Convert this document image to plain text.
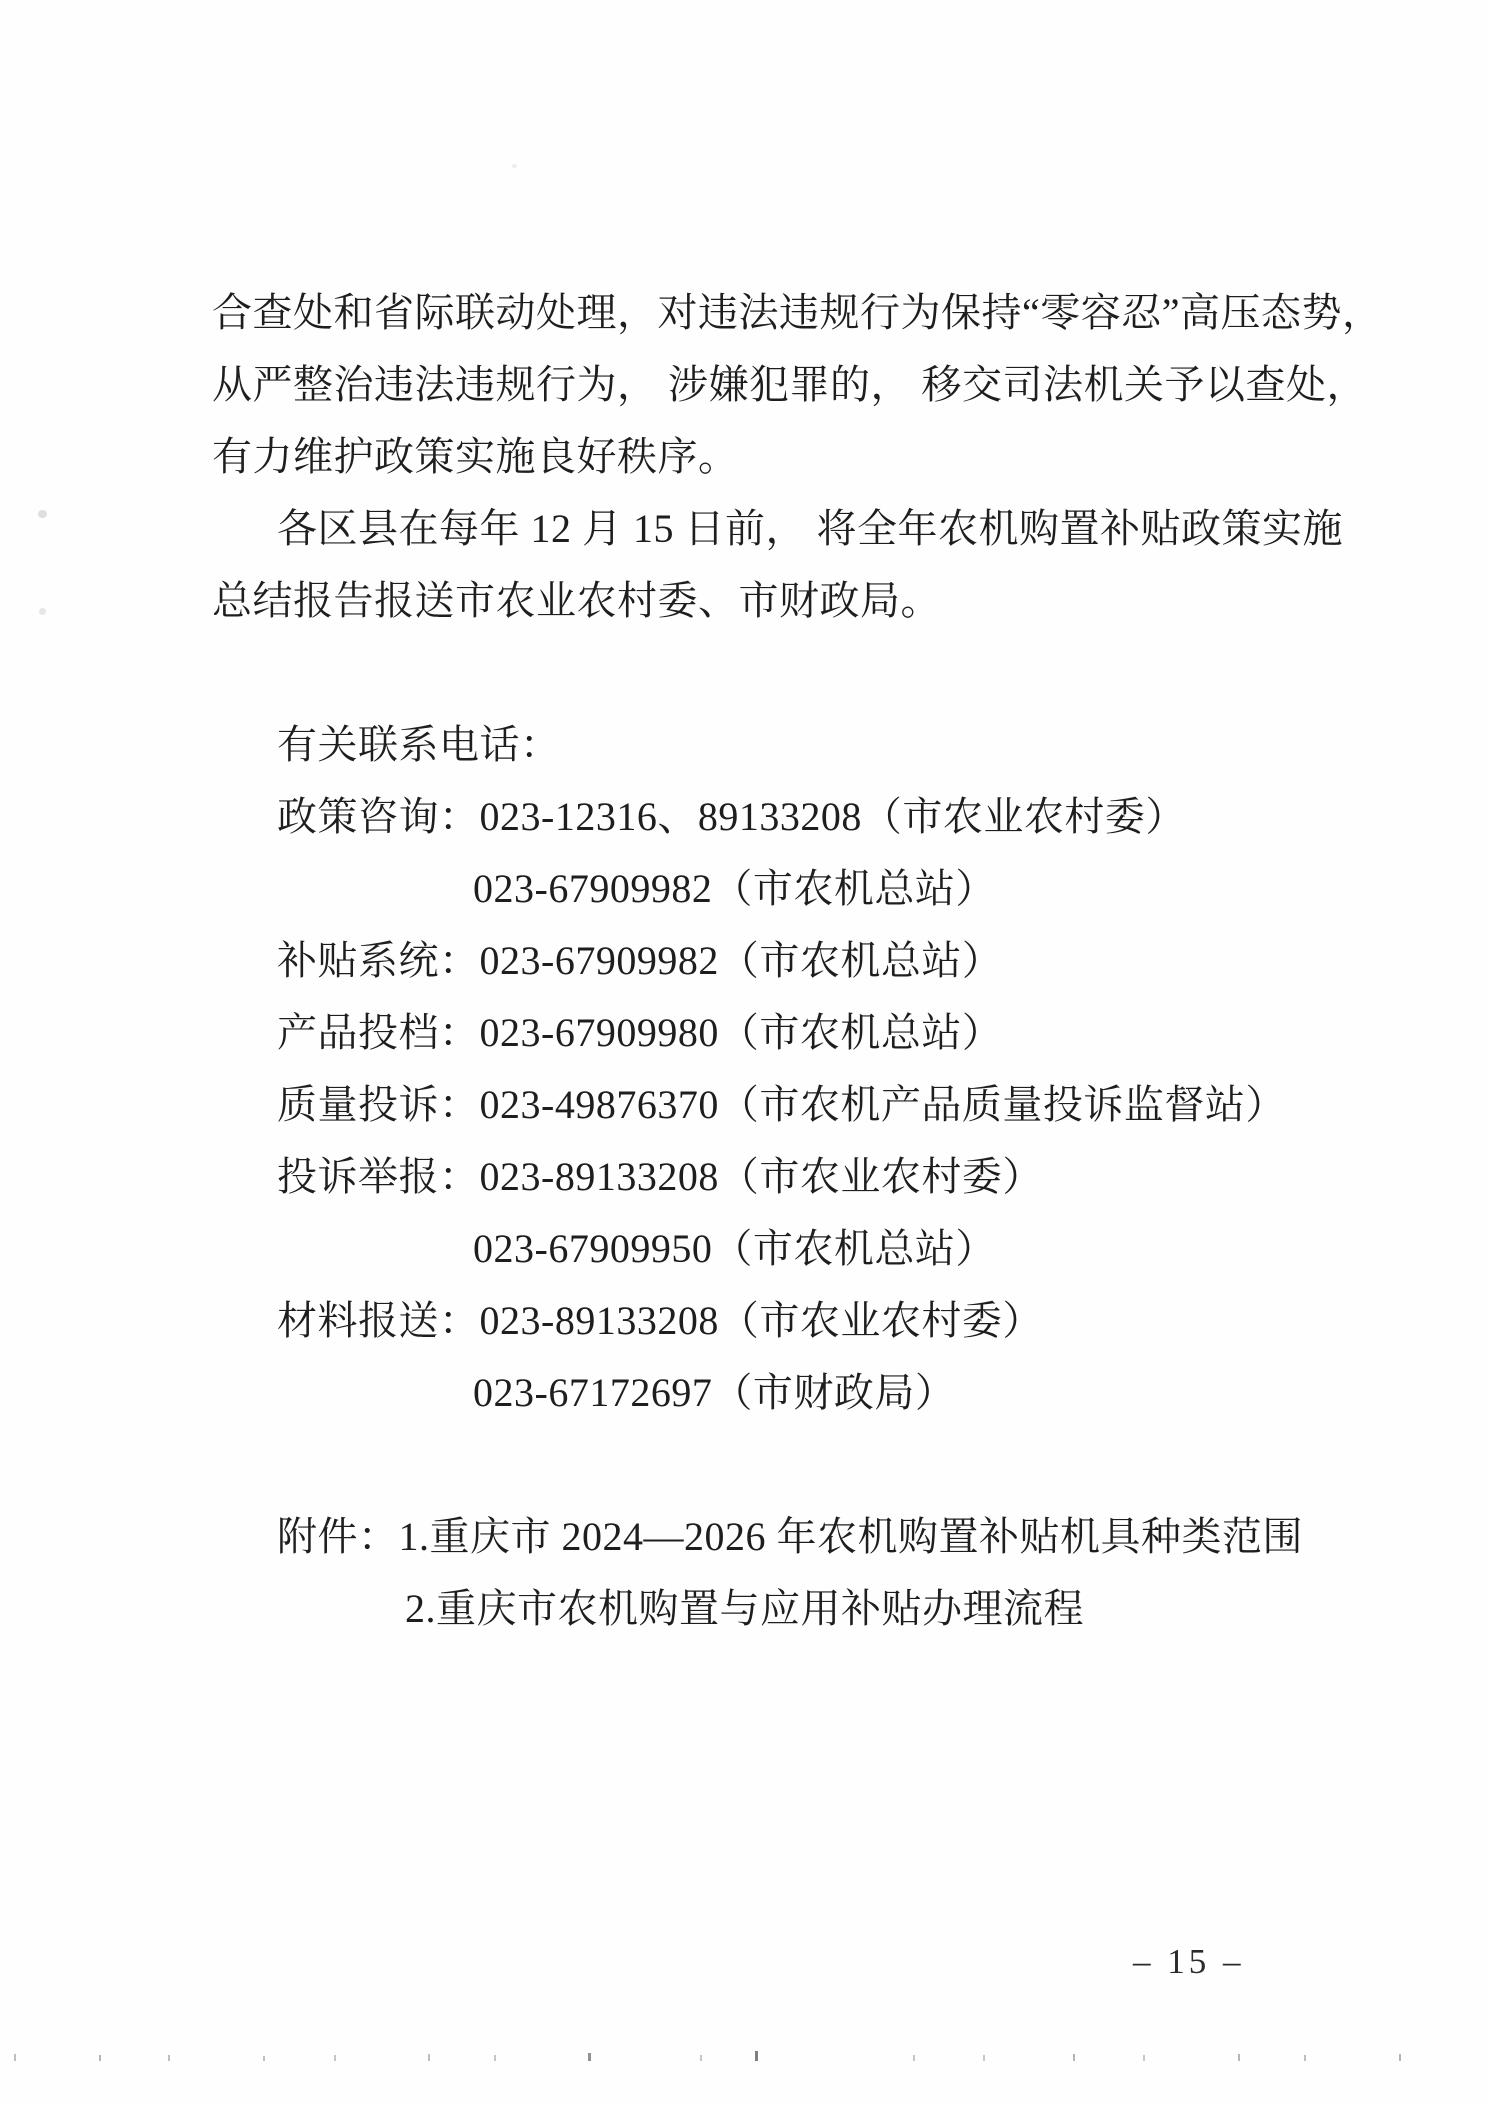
合查处和省际联动处理，对违法违规行为保持“零容忍”高压态势，
从严整治违法违规行为， 涉嫌犯罪的， 移交司法机关予以查处，
有力维护政策实施良好秩序。
各区县在每年 12 月 15 日前， 将全年农机购置补贴政策实施
总结报告报送市农业农村委、市财政局。
有关联系电话：
政策咨询：023-12316、89133208（市农业农村委）
023-67909982（市农机总站）
补贴系统：023-67909982（市农机总站）
产品投档：023-67909980（市农机总站）
质量投诉：023-49876370（市农机产品质量投诉监督站）
投诉举报：023-89133208（市农业农村委）
023-67909950（市农机总站）
材料报送：023-89133208（市农业农村委）
023-67172697（市财政局）
附件：1.重庆市 2024—2026 年农机购置补贴机具种类范围
2.重庆市农机购置与应用补贴办理流程
– 15 –
